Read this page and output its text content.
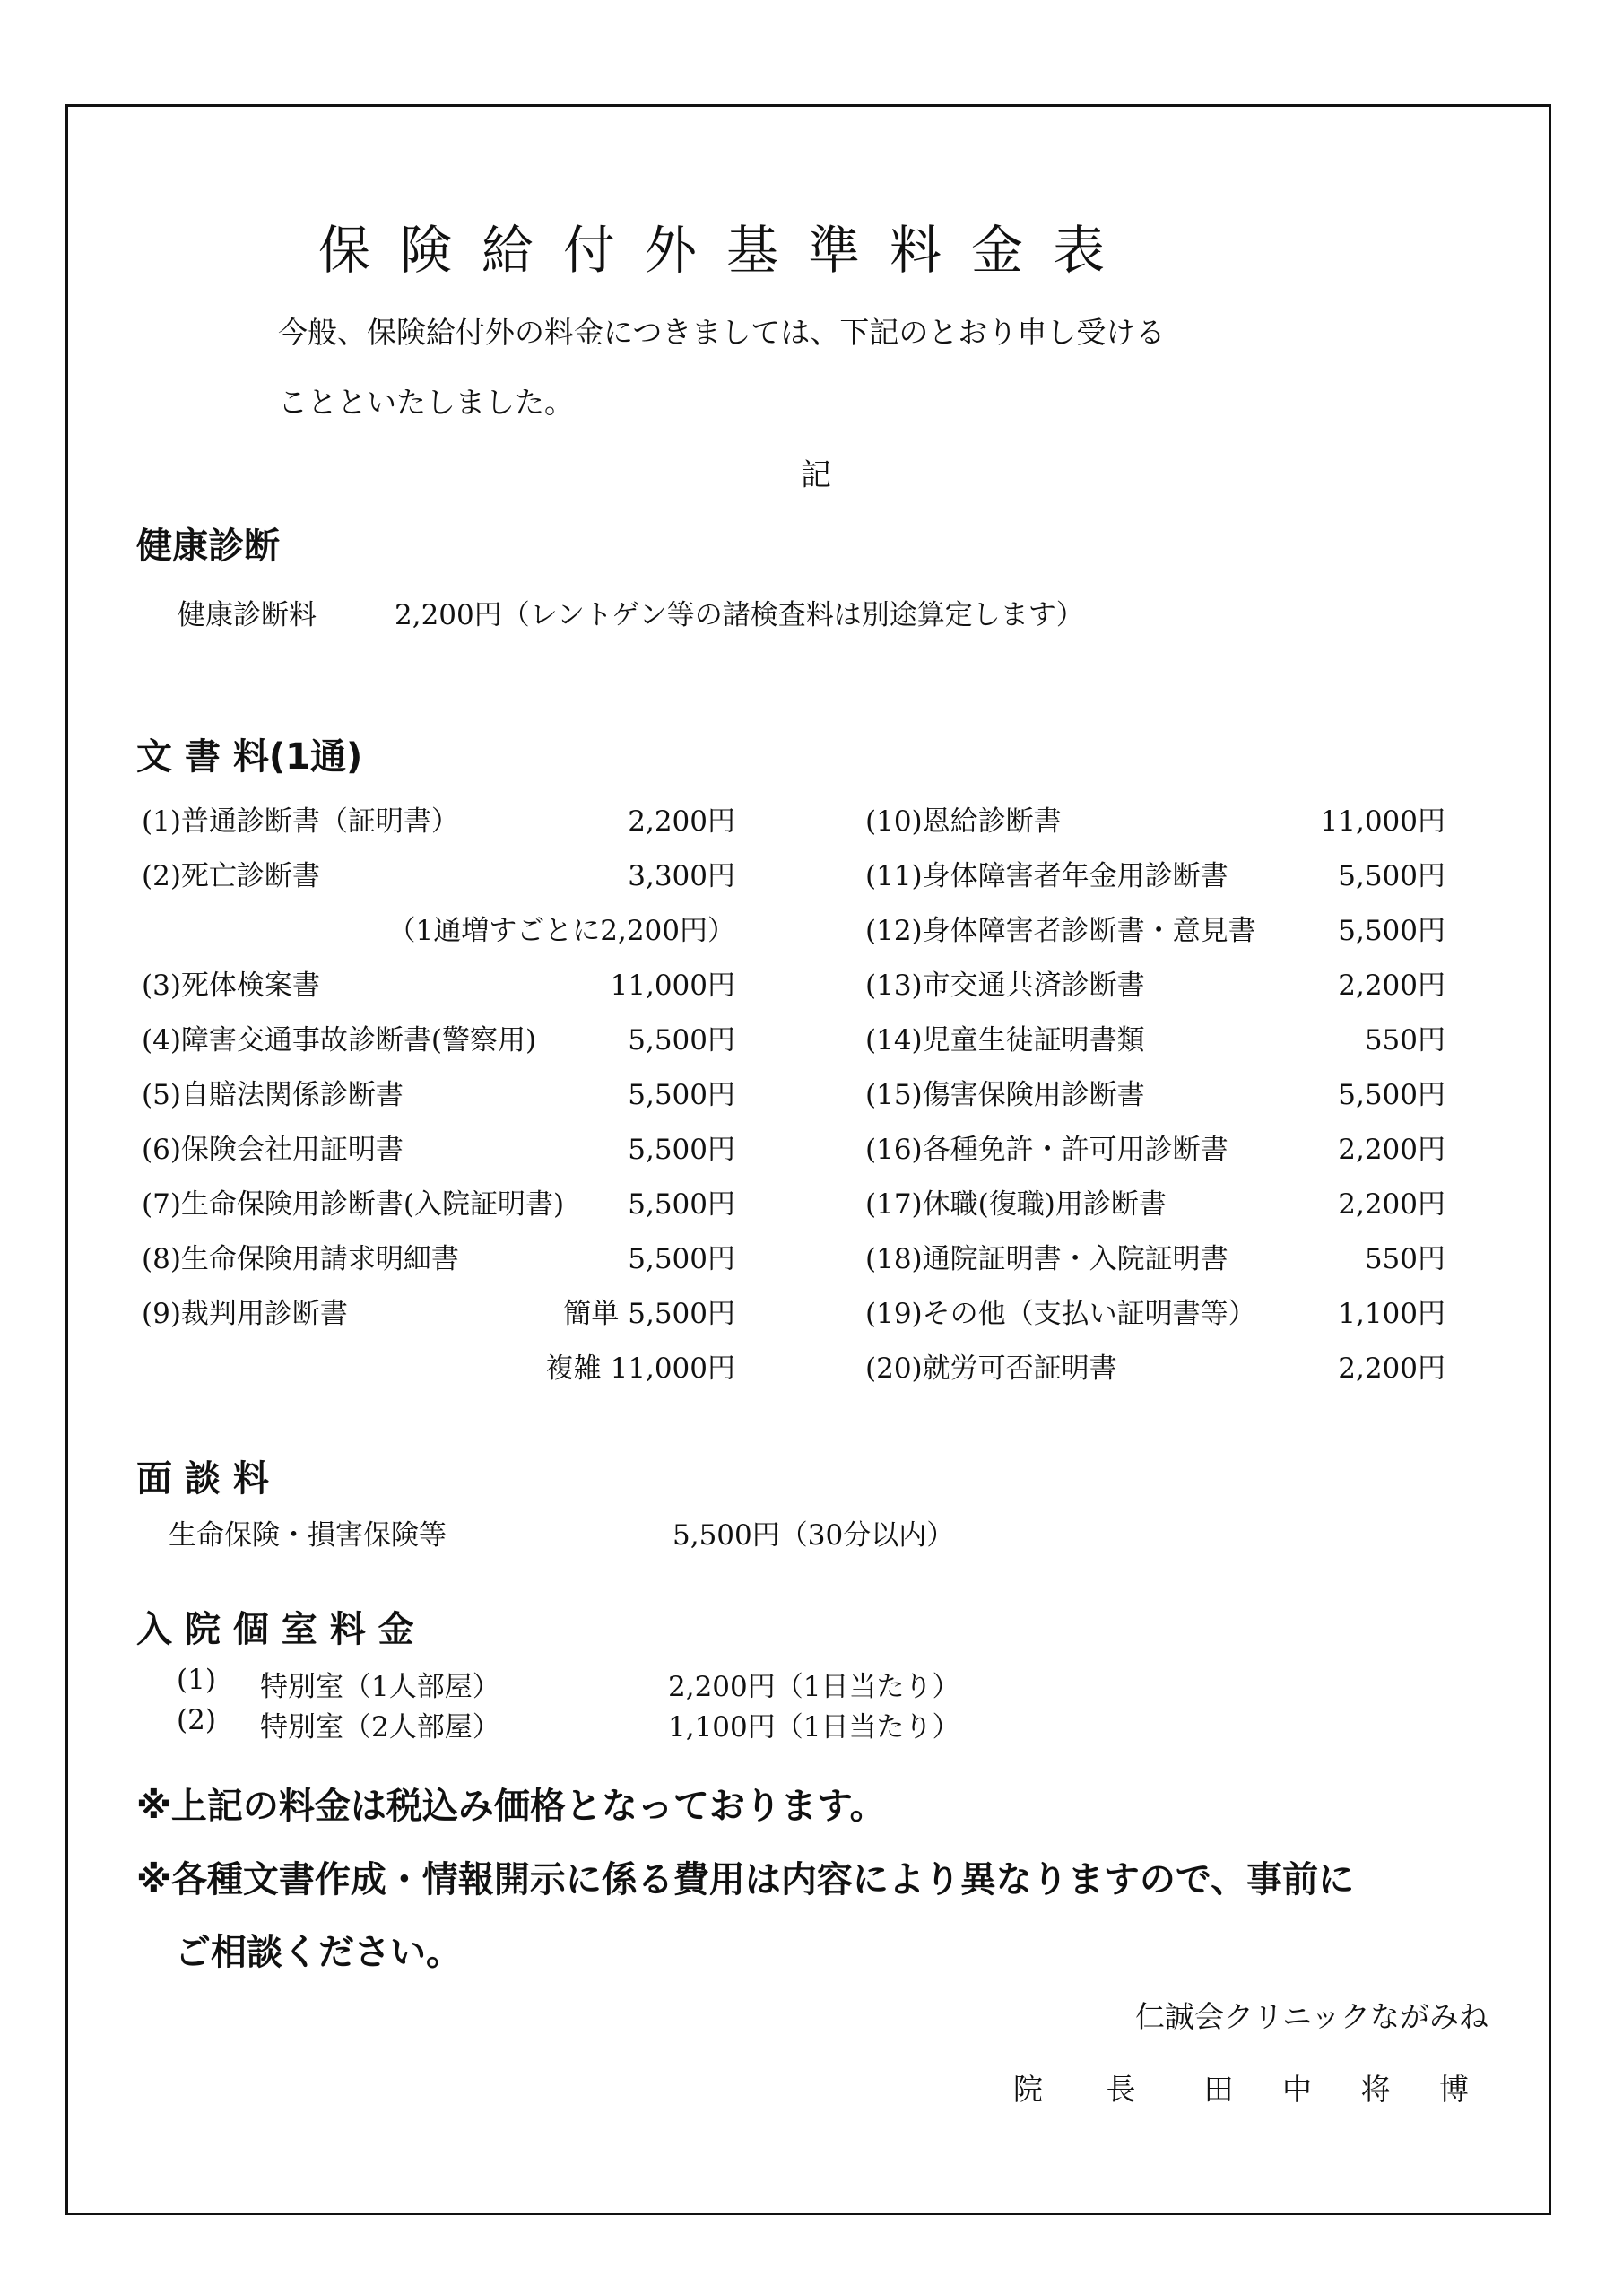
保険給付外基準料金表
今般、保険給付外の料金につきましては、下記のとおり申し受ける
ことといたしました。
記
健康診断
健康診断料	2,200円（レントゲン等の諸検査料は別途算定します）
文 書 料(1通)
(1)普通診断書（証明書）	2,200円
(2)死亡診断書	3,300円
（1通増すごとに2,200円）
(3)死体検案書	11,000円
(4)障害交通事故診断書(警察用)	5,500円
(5)自賠法関係診断書	5,500円
(6)保険会社用証明書	5,500円
(7)生命保険用診断書(入院証明書) 5,500円
(8)生命保険用請求明細書	5,500円
(9)裁判用診断書	簡単 5,500円
複雑 11,000円
(10)恩給診断書	11,000円
(11)身体障害者年金用診断書	5,500円
(12)身体障害者診断書・意見書	5,500円
(13)市交通共済診断書	2,200円
(14)児童生徒証明書類	550円
(15)傷害保険用診断書	5,500円
(16)各種免許・許可用診断書	2,200円
(17)休職(復職)用診断書	2,200円
(18)通院証明書・入院証明書	550円
(19)その他（支払い証明書等）	1,100円
(20)就労可否証明書	2,200円
面 談 料
生命保険・損害保険等	5,500円（30分以内）
入 院 個 室 料 金
(1) 特別室（1人部屋）	2,200円（1日当たり）
(2) 特別室（2人部屋）	1,100円（1日当たり）
※上記の料金は税込み価格となっております。
※各種文書作成・情報開示に係る費用は内容により異なりますので、事前に
ご相談ください。
仁誠会クリニックながみね
院 長 田 中 将 博
